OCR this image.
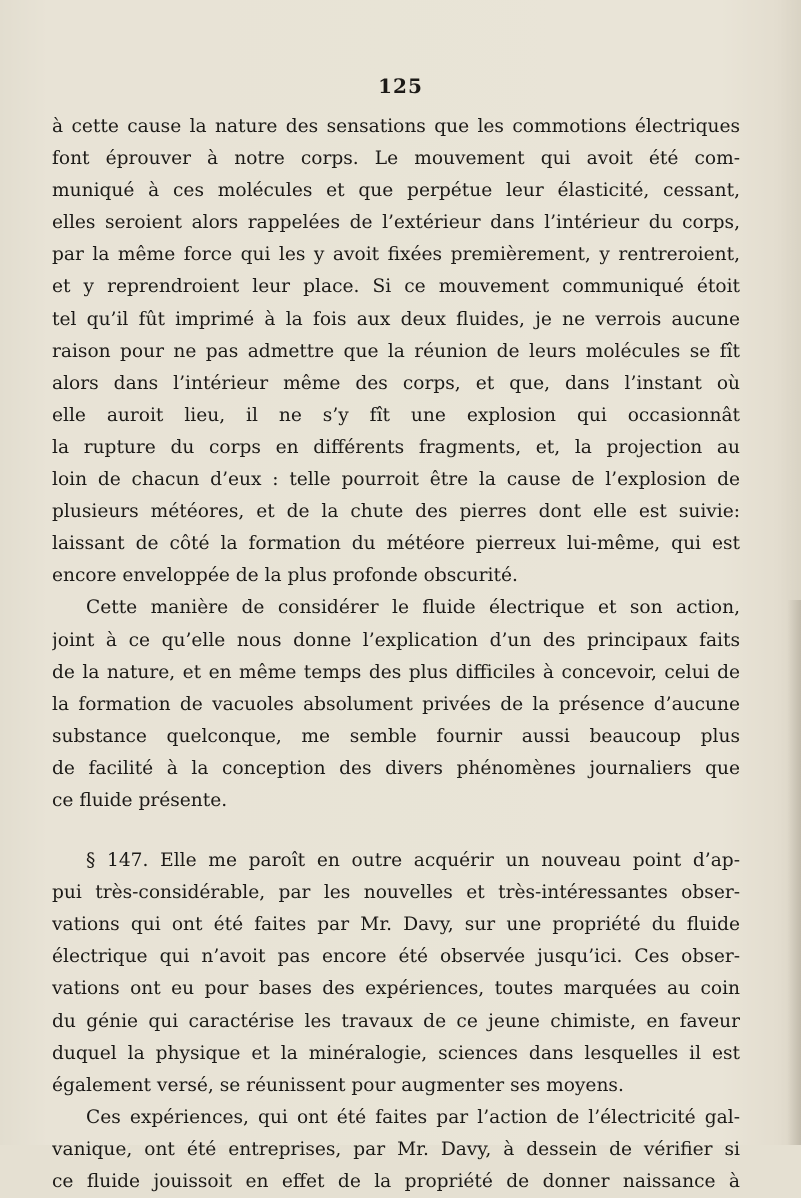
125
à cette cause la nature des sensations que les commotions électriques
font éprouver à notre corps. Le mouvement qui avoit été com-
muniqué à ces molécules et que perpétue leur élasticité, cessant,
elles seroient alors rappelées de l’extérieur dans l’intérieur du corps,
par la même force qui les y avoit fixées premièrement, y rentreroient,
et y reprendroient leur place. Si ce mouvement communiqué étoit
tel qu’il fût imprimé à la fois aux deux fluides, je ne verrois aucune
raison pour ne pas admettre que la réunion de leurs molécules se fît
alors dans l’intérieur même des corps, et que, dans l’instant où
elle auroit lieu, il ne s’y fît une explosion qui occasionnât
la rupture du corps en différents fragments, et, la projection au
loin de chacun d’eux : telle pourroit être la cause de l’explosion de
plusieurs météores, et de la chute des pierres dont elle est suivie:
laissant de côté la formation du météore pierreux lui-même, qui est
encore enveloppée de la plus profonde obscurité.
Cette manière de considérer le fluide électrique et son action,
joint à ce qu’elle nous donne l’explication d’un des principaux faits
de la nature, et en même temps des plus difficiles à concevoir, celui de
la formation de vacuoles absolument privées de la présence d’aucune
substance quelconque, me semble fournir aussi beaucoup plus
de facilité à la conception des divers phénomènes journaliers que
ce fluide présente.
§ 147. Elle me paroît en outre acquérir un nouveau point d’ap-
pui très-considérable, par les nouvelles et très-intéressantes obser-
vations qui ont été faites par Mr. Davy, sur une propriété du fluide
électrique qui n’avoit pas encore été observée jusqu’ici. Ces obser-
vations ont eu pour bases des expériences, toutes marquées au coin
du génie qui caractérise les travaux de ce jeune chimiste, en faveur
duquel la physique et la minéralogie, sciences dans lesquelles il est
également versé, se réunissent pour augmenter ses moyens.
Ces expériences, qui ont été faites par l’action de l’électricité gal-
vanique, ont été entreprises, par Mr. Davy, à dessein de vérifier si
ce fluide jouissoit en effet de la propriété de donner naissance à
